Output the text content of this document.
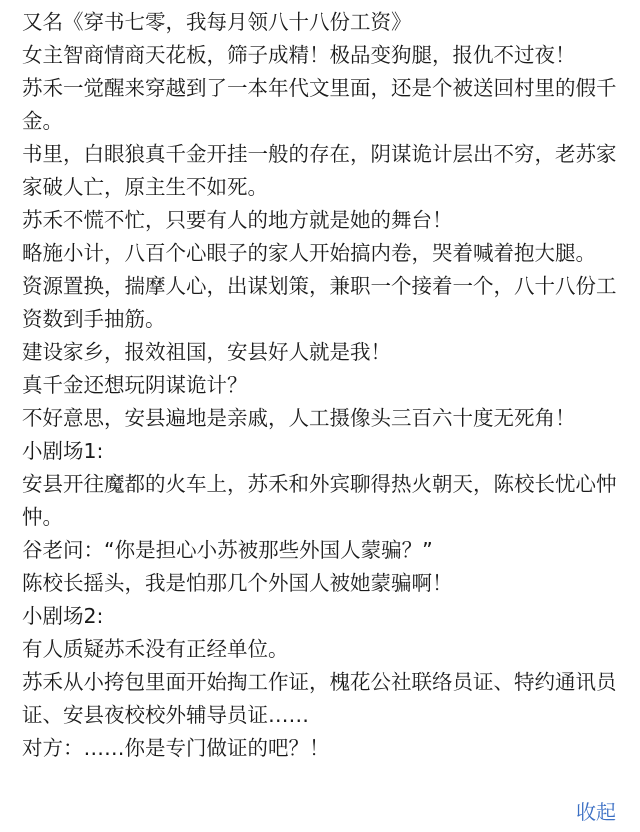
又名《穿书七零，我每月领八十八份工资》

女主智商情商天花板，筛子成精！极品变狗腿，报仇不过夜！

苏禾一觉醒来穿越到了一本年代文里面，还是个被送回村里的假千金。

书里，白眼狼真千金开挂一般的存在，阴谋诡计层出不穷，老苏家家破人亡，原主生不如死。

苏禾不慌不忙，只要有人的地方就是她的舞台！

略施小计，八百个心眼子的家人开始搞内卷，哭着喊着抱大腿。

资源置换，揣摩人心，出谋划策，兼职一个接着一个，八十八份工资数到手抽筋。

建设家乡，报效祖国，安县好人就是我！

真千金还想玩阴谋诡计？

不好意思，安县遍地是亲戚，人工摄像头三百六十度无死角！

小剧场1:

安县开往魔都的火车上，苏禾和外宾聊得热火朝天，陈校长忧心忡忡。

谷老问：“你是担心小苏被那些外国人蒙骗？”

陈校长摇头，我是怕那几个外国人被她蒙骗啊！

小剧场2:

有人质疑苏禾没有正经单位。

苏禾从小挎包里面开始掏工作证，槐花公社联络员证、特约通讯员证、安县夜校校外辅导员证……

对方：……你是专门做证的吧？！

收起
